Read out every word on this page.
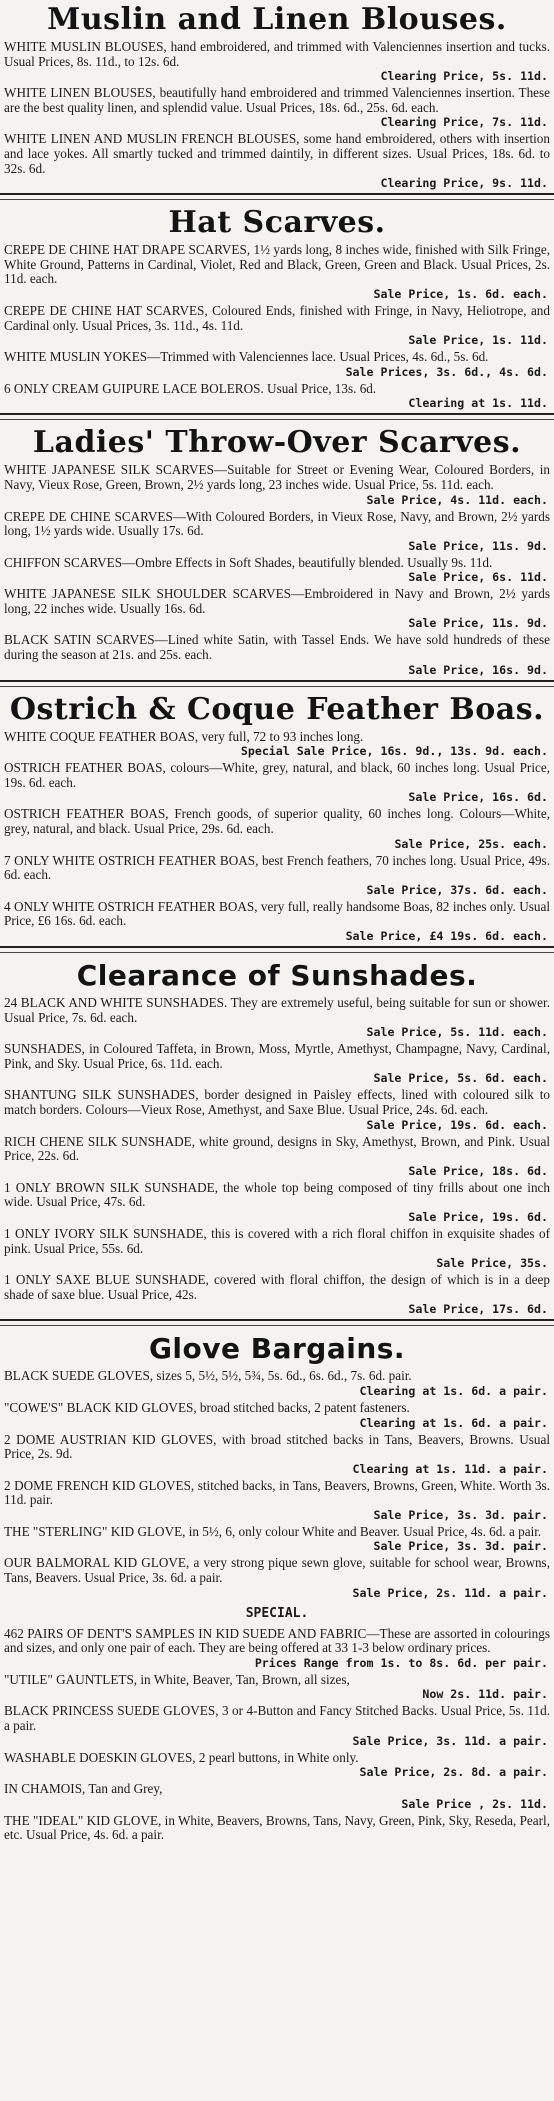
Muslin and Linen Blouses.

WHITE MUSLIN BLOUSES, hand embroidered, and trimmed with Valenciennes insertion and tucks. Usual Prices, 8s. 11d., to 12s. 6d.
Clearing Price, 5s. 11d.

WHITE LINEN BLOUSES, beautifully hand embroidered and trimmed Valenciennes insertion. These are the best quality linen, and splendid value. Usual Prices, 18s. 6d., 25s. 6d. each.
Clearing Price, 7s. 11d.

WHITE LINEN AND MUSLIN FRENCH BLOUSES, some hand embroidered, others with insertion and lace yokes. All smartly tucked and trimmed daintily, in different sizes. Usual Prices, 18s. 6d. to 32s. 6d.
Clearing Price, 9s. 11d.

Hat Scarves.

CREPE DE CHINE HAT DRAPE SCARVES, 1½ yards long, 8 inches wide, finished with Silk Fringe, White Ground, Patterns in Cardinal, Violet, Red and Black, Green, Green and Black. Usual Prices, 2s. 11d. each.
Sale Price, 1s. 6d. each.

CREPE DE CHINE HAT SCARVES, Coloured Ends, finished with Fringe, in Navy, Heliotrope, and Cardinal only. Usual Prices, 3s. 11d., 4s. 11d.
Sale Price, 1s. 11d.

WHITE MUSLIN YOKES—Trimmed with Valenciennes lace. Usual Prices, 4s. 6d., 5s. 6d.
Sale Prices, 3s. 6d., 4s. 6d.

6 ONLY CREAM GUIPURE LACE BOLEROS. Usual Price, 13s. 6d.
Clearing at 1s. 11d.

Ladies' Throw-Over Scarves.

WHITE JAPANESE SILK SCARVES—Suitable for Street or Evening Wear, Coloured Borders, in Navy, Vieux Rose, Green, Brown, 2½ yards long, 23 inches wide. Usual Price, 5s. 11d. each.
Sale Price, 4s. 11d. each.

CREPE DE CHINE SCARVES—With Coloured Borders, in Vieux Rose, Navy, and Brown, 2½ yards long, 1½ yards wide. Usually 17s. 6d.
Sale Price, 11s. 9d.

CHIFFON SCARVES—Ombre Effects in Soft Shades, beautifully blended. Usually 9s. 11d.
Sale Price, 6s. 11d.

WHITE JAPANESE SILK SHOULDER SCARVES—Embroidered in Navy and Brown, 2½ yards long, 22 inches wide. Usually 16s. 6d.
Sale Price, 11s. 9d.

BLACK SATIN SCARVES—Lined white Satin, with Tassel Ends. We have sold hundreds of these during the season at 21s. and 25s. each.
Sale Price, 16s. 9d.

Ostrich & Coque Feather Boas.

WHITE COQUE FEATHER BOAS, very full, 72 to 93 inches long.
Special Sale Price, 16s. 9d., 13s. 9d. each.

OSTRICH FEATHER BOAS, colours—White, grey, natural, and black, 60 inches long. Usual Price, 19s. 6d. each.
Sale Price, 16s. 6d.

OSTRICH FEATHER BOAS, French goods, of superior quality, 60 inches long. Colours—White, grey, natural, and black. Usual Price, 29s. 6d. each.
Sale Price, 25s. each.

7 ONLY WHITE OSTRICH FEATHER BOAS, best French feathers, 70 inches long. Usual Price, 49s. 6d. each.
Sale Price, 37s. 6d. each.

4 ONLY WHITE OSTRICH FEATHER BOAS, very full, really handsome Boas, 82 inches only. Usual Price, £6 16s. 6d. each.
Sale Price, £4 19s. 6d. each.

Clearance of Sunshades.

24 BLACK AND WHITE SUNSHADES. They are extremely useful, being suitable for sun or shower. Usual Price, 7s. 6d. each.
Sale Price, 5s. 11d. each.

SUNSHADES, in Coloured Taffeta, in Brown, Moss, Myrtle, Amethyst, Champagne, Navy, Cardinal, Pink, and Sky. Usual Price, 6s. 11d. each.
Sale Price, 5s. 6d. each.

SHANTUNG SILK SUNSHADES, border designed in Paisley effects, lined with coloured silk to match borders. Colours—Vieux Rose, Amethyst, and Saxe Blue. Usual Price, 24s. 6d. each.
Sale Price, 19s. 6d. each.

RICH CHENE SILK SUNSHADE, white ground, designs in Sky, Amethyst, Brown, and Pink. Usual Price, 22s. 6d.
Sale Price, 18s. 6d.

1 ONLY BROWN SILK SUNSHADE, the whole top being composed of tiny frills about one inch wide. Usual Price, 47s. 6d.
Sale Price, 19s. 6d.

1 ONLY IVORY SILK SUNSHADE, this is covered with a rich floral chiffon in exquisite shades of pink. Usual Price, 55s. 6d.
Sale Price, 35s.

1 ONLY SAXE BLUE SUNSHADE, covered with floral chiffon, the design of which is in a deep shade of saxe blue. Usual Price, 42s.
Sale Price, 17s. 6d.

Glove Bargains.

BLACK SUEDE GLOVES, sizes 5, 5½, 5½, 5¾, 5s. 6d., 6s. 6d., 7s. 6d. pair.
Clearing at 1s. 6d. a pair.

"COWE'S" BLACK KID GLOVES, broad stitched backs, 2 patent fasteners.
Clearing at 1s. 6d. a pair.

2 DOME AUSTRIAN KID GLOVES, with broad stitched backs in Tans, Beavers, Browns. Usual Price, 2s. 9d.
Clearing at 1s. 11d. a pair.

2 DOME FRENCH KID GLOVES, stitched backs, in Tans, Beavers, Browns, Green, White. Worth 3s. 11d. pair.
Sale Price, 3s. 3d. pair.

THE "STERLING" KID GLOVE, in 5½, 6, only colour White and Beaver. Usual Price, 4s. 6d. a pair.
Sale Price, 3s. 3d. pair.

OUR BALMORAL KID GLOVE, a very strong pique sewn glove, suitable for school wear, Browns, Tans, Beavers. Usual Price, 3s. 6d. a pair.
Sale Price, 2s. 11d. a pair.

SPECIAL.

462 PAIRS OF DENT'S SAMPLES IN KID SUEDE AND FABRIC—These are assorted in colourings and sizes, and only one pair of each. They are being offered at 33 1-3 below ordinary prices.
Prices Range from 1s. to 8s. 6d. per pair.

"UTILE" GAUNTLETS, in White, Beaver, Tan, Brown, all sizes,
Now 2s. 11d. pair.

BLACK PRINCESS SUEDE GLOVES, 3 or 4-Button and Fancy Stitched Backs. Usual Price, 5s. 11d. a pair.
Sale Price, 3s. 11d. a pair.

WASHABLE DOESKIN GLOVES, 2 pearl buttons, in White only.
Sale Price, 2s. 8d. a pair.

IN CHAMOIS, Tan and Grey,
Sale Price , 2s. 11d.

THE "IDEAL" KID GLOVE, in White, Beavers, Browns, Tans, Navy, Green, Pink, Sky, Reseda, Pearl, etc. Usual Price, 4s. 6d. a pair.
